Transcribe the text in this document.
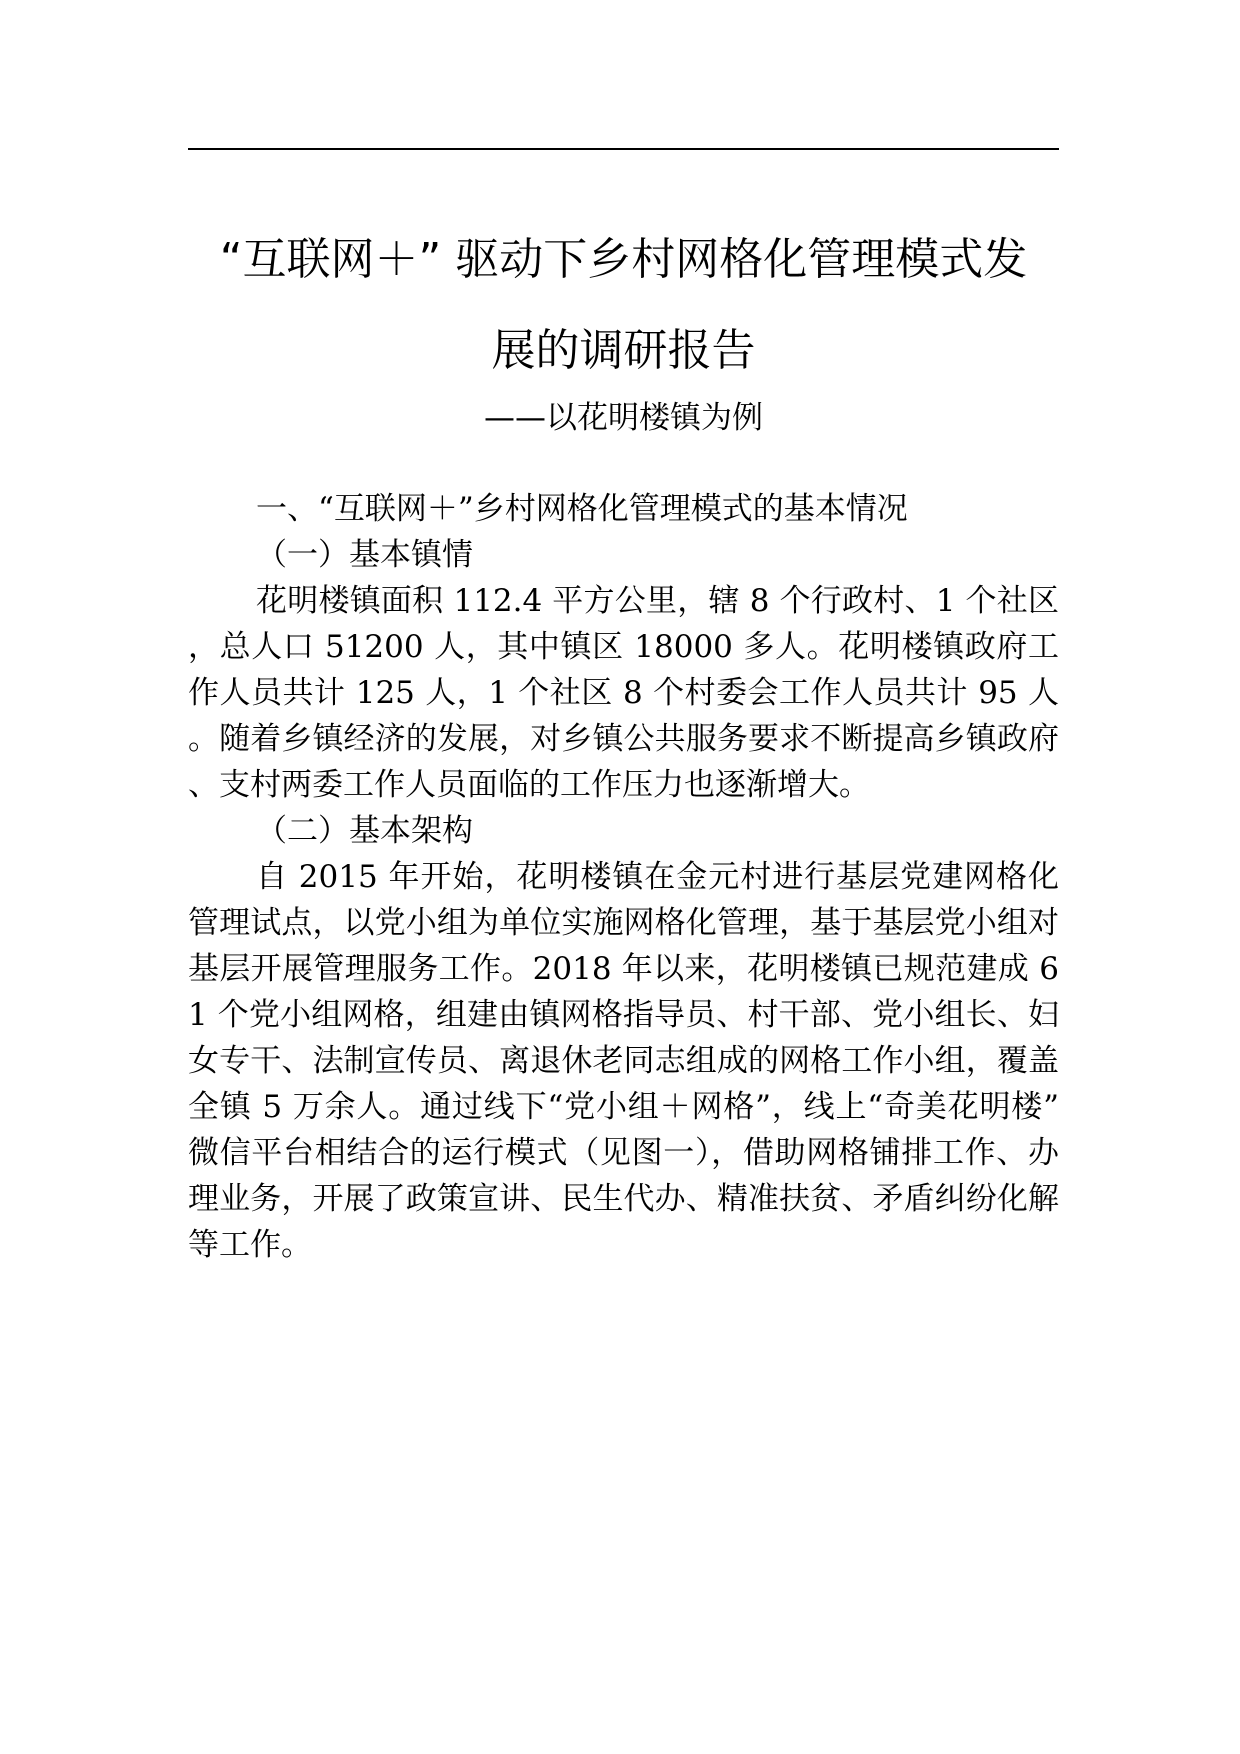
“互联网＋” 驱动下乡村网格化管理模式发
展的调研报告
——以花明楼镇为例

一、“互联网＋”乡村网格化管理模式的基本情况

（一）基本镇情

花明楼镇面积 112.4 平方公里，辖 8 个行政村、1 个社区，总人口 51200 人，其中镇区 18000 多人。花明楼镇政府工作人员共计 125 人，1 个社区 8 个村委会工作人员共计 95 人。随着乡镇经济的发展，对乡镇公共服务要求不断提高乡镇政府、支村两委工作人员面临的工作压力也逐渐增大。

（二）基本架构

自 2015 年开始，花明楼镇在金元村进行基层党建网格化管理试点，以党小组为单位实施网格化管理，基于基层党小组对基层开展管理服务工作。2018 年以来，花明楼镇已规范建成 61 个党小组网格，组建由镇网格指导员、村干部、党小组长、妇女专干、法制宣传员、离退休老同志组成的网格工作小组，覆盖全镇 5 万余人。通过线下“党小组＋网格”，线上“奇美花明楼”微信平台相结合的运行模式（见图一），借助网格铺排工作、办理业务，开展了政策宣讲、民生代办、精准扶贫、矛盾纠纷化解等工作。
